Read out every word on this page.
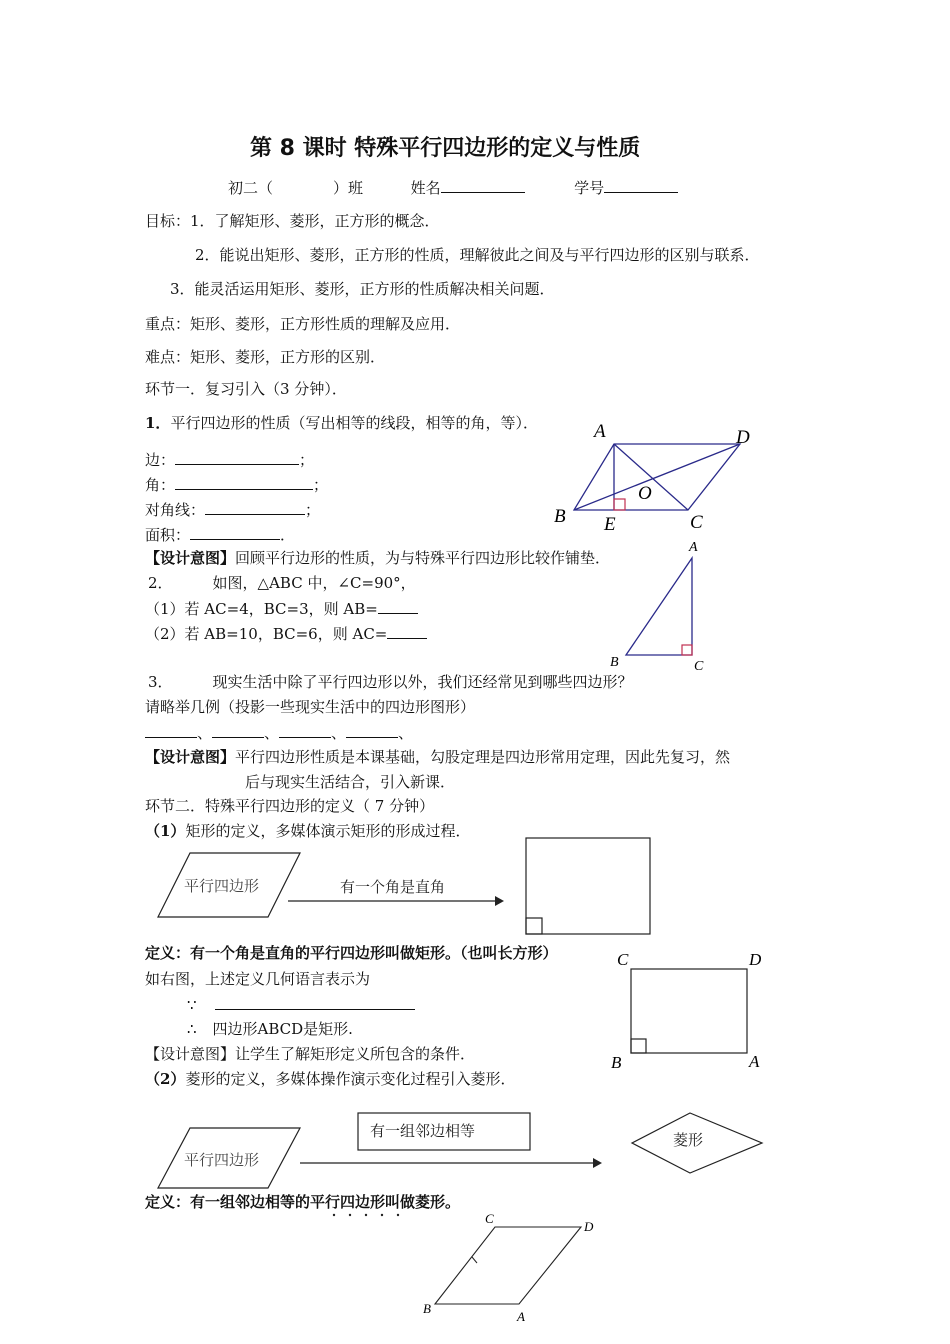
第 8 课时 特殊平行四边形的定义与性质
初二（	）班	姓名	学号
目标：1．了解矩形、菱形，正方形的概念．
2．能说出矩形、菱形，正方形的性质，理解彼此之间及与平行四边形的区别与联系．
3．能灵活运用矩形、菱形，正方形的性质解决相关问题．
重点：矩形、菱形，正方形性质的理解及应用．
难点：矩形、菱形，正方形的区别．
环节一．复习引入（3 分钟）．
1．平行四边形的性质（写出相等的线段，相等的角，等）．
边：	；
角：	；
对角线：	；
面积：	．
A	D
O
B E	C
【设计意图】回顾平行边形的性质，为与特殊平行四边形比较作铺垫．
A
B	C
2．	如图，△ABC 中，∠C=90°，
（1）若 AC=4，BC=3，则 AB=
（2）若 AB=10，BC=6，则 AC=
3．	现实生活中除了平行四边形以外，我们还经常见到哪些四边形？
请略举几例（投影一些现实生活中的四边形图形）
、	、	、	、
【设计意图】平行四边形性质是本课基础，勾股定理是四边形常用定理，因此先复习，然
后与现实生活结合，引入新课．
环节二．特殊平行四边形的定义（ 7 分钟）
（1）矩形的定义，多媒体演示矩形的形成过程．
平行四边形	有一个角是直角
定义：有一个角是直角的平行四边形叫做矩形。（也叫长方形）
如右图，上述定义几何语言表示为
∵
∴ 四边形ABCD是矩形.
C	D
B	A
【设计意图】让学生了解矩形定义所包含的条件．
（2）菱形的定义，多媒体操作演示变化过程引入菱形．
平行四边形
有一组邻边相等	菱形
定义：有一组邻边相等的平行四边形叫做菱形。
C
D
B
A
